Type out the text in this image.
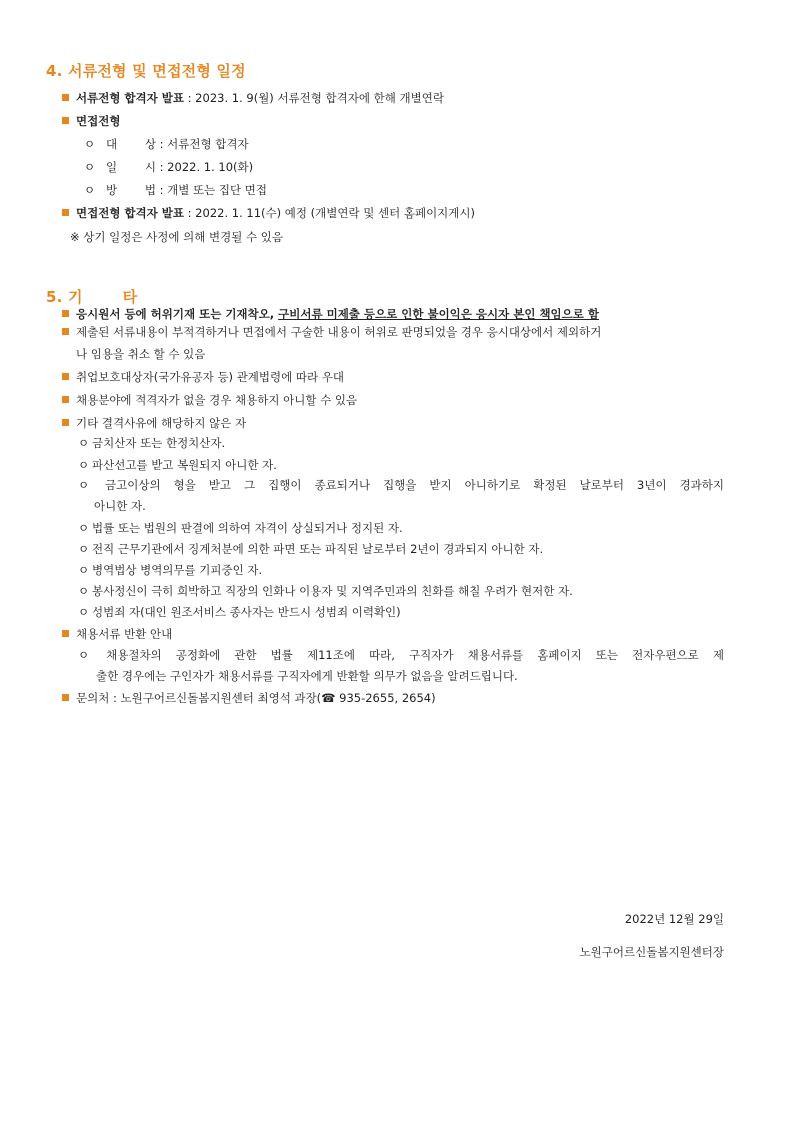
4. 서류전형 및 면접전형 일정
서류전형 합격자 발표 : 2023. 1. 9(월) 서류전형 합격자에 한해 개별연락
면접전형
ㅇ 대 상 : 서류전형 합격자
ㅇ 일 시 : 2022. 1. 10(화)
ㅇ 방 법 : 개별 또는 집단 면접
면접전형 합격자 발표 : 2022. 1. 11(수) 예정 (개별연락 및 센터 홈페이지게시)
※ 상기 일정은 사정에 의해 변경될 수 있음
5. 기	타
응시원서 등에 허위기재 또는 기재착오, 구비서류 미제출 등으로 인한 불이익은 응시자 본인 책임으로 함
제출된 서류내용이 부적격하거나 면접에서 구술한 내용이 허위로 판명되었을 경우 응시대상에서 제외하거
나 임용을 취소 할 수 있음
취업보호대상자(국가유공자 등) 관계법령에 따라 우대
채용분야에 적격자가 없을 경우 채용하지 아니할 수 있음
기타 결격사유에 해당하지 않은 자
ㅇ 금치산자 또는 한정치산자.
ㅇ 파산선고를 받고 복원되지 아니한 자.
ㅇ 금고이상의 형을 받고 그 집행이 종료되거나 집행을 받지 아니하기로 확정된 날로부터 3년이 경과하지
아니한 자.
ㅇ 법률 또는 법원의 판결에 의하여 자격이 상실되거나 정지된 자.
ㅇ 전직 근무기관에서 징계처분에 의한 파면 또는 파직된 날로부터 2년이 경과되지 아니한 자.
ㅇ 병역법상 병역의무를 기피중인 자.
ㅇ 봉사정신이 극히 희박하고 직장의 인화나 이용자 및 지역주민과의 친화를 해칠 우려가 현저한 자.
ㅇ 성범죄 자(대인 원조서비스 종사자는 반드시 성범죄 이력확인)
채용서류 반환 안내
ㅇ 채용절차의 공정화에 관한 법률 제11조에 따라, 구직자가 채용서류를 홈페이지 또는 전자우편으로 제
출한 경우에는 구인자가 채용서류를 구직자에게 반환할 의무가 없음을 알려드립니다.
문의처 : 노원구어르신돌봄지원센터 최영석 과장(☎ 935-2655, 2654)
2022년 12월 29일
노원구어르신돌봄지원센터장
